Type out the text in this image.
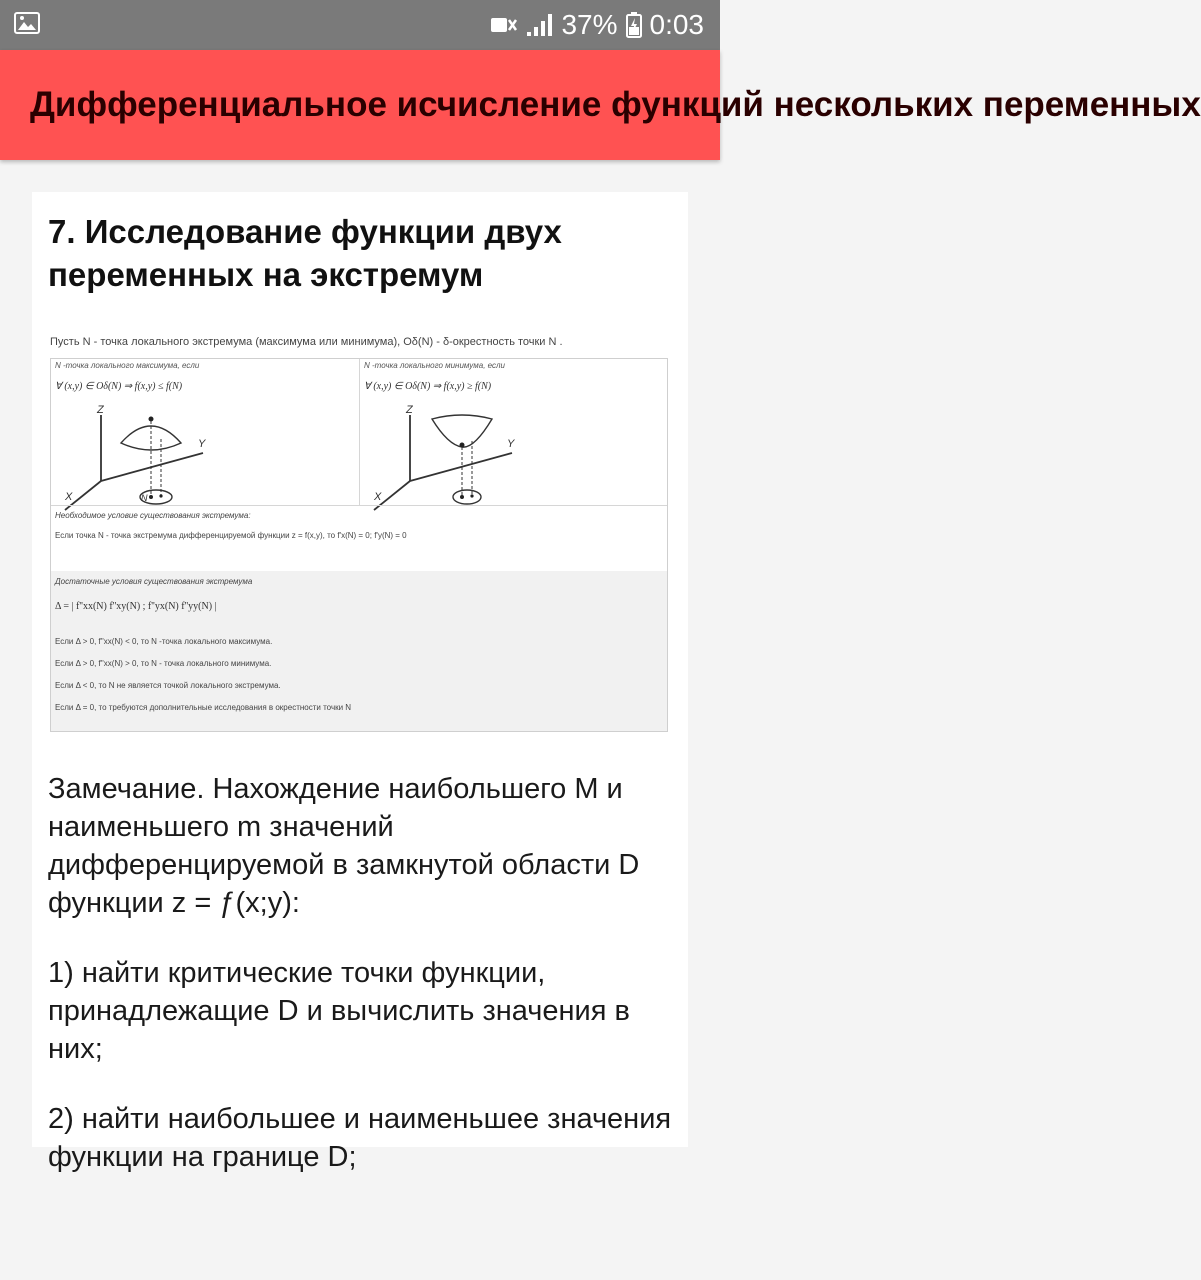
37% 0:03
Дифференциальное исчисление функций нескольких переменных
7. Исследование функции двух переменных на экстремум
Пусть N - точка локального экстремума (максимума или минимума), Oδ(N) - δ-окрестность точки N .
N -точка локального максимума, если
∀ (x,y) ∈ Oδ(N) ⇒ f(x,y) ≤ f(N)
Z
Y
X	N
N -точка локального минимума, если
∀ (x,y) ∈ Oδ(N) ⇒ f(x,y) ≥ f(N)
Z
Y
X
Необходимое условие существования экстремума:
Если точка N - точка экстремума дифференцируемой функции z = f(x,y), то f'x(N) = 0; f'y(N) = 0
Достаточные условия существования экстремума
Δ = | f''xx(N) f''xy(N) ; f''yx(N) f''yy(N) |
Если Δ > 0, f''xx(N) < 0, то N -точка локального максимума.
Если Δ > 0, f''xx(N) > 0, то N - точка локального минимума.
Если Δ < 0, то N не является точкой локального экстремума.
Если Δ = 0, то требуются дополнительные исследования в окрестности точки N

Замечание. Нахождение наибольшего M и наименьшего m значений дифференцируемой в замкнутой области D функции z = ƒ(x;y):

1) найти критические точки функции, принадлежащие D и вычислить значения в них;

2) найти наибольшее и наименьшее значения функции на границе D;
